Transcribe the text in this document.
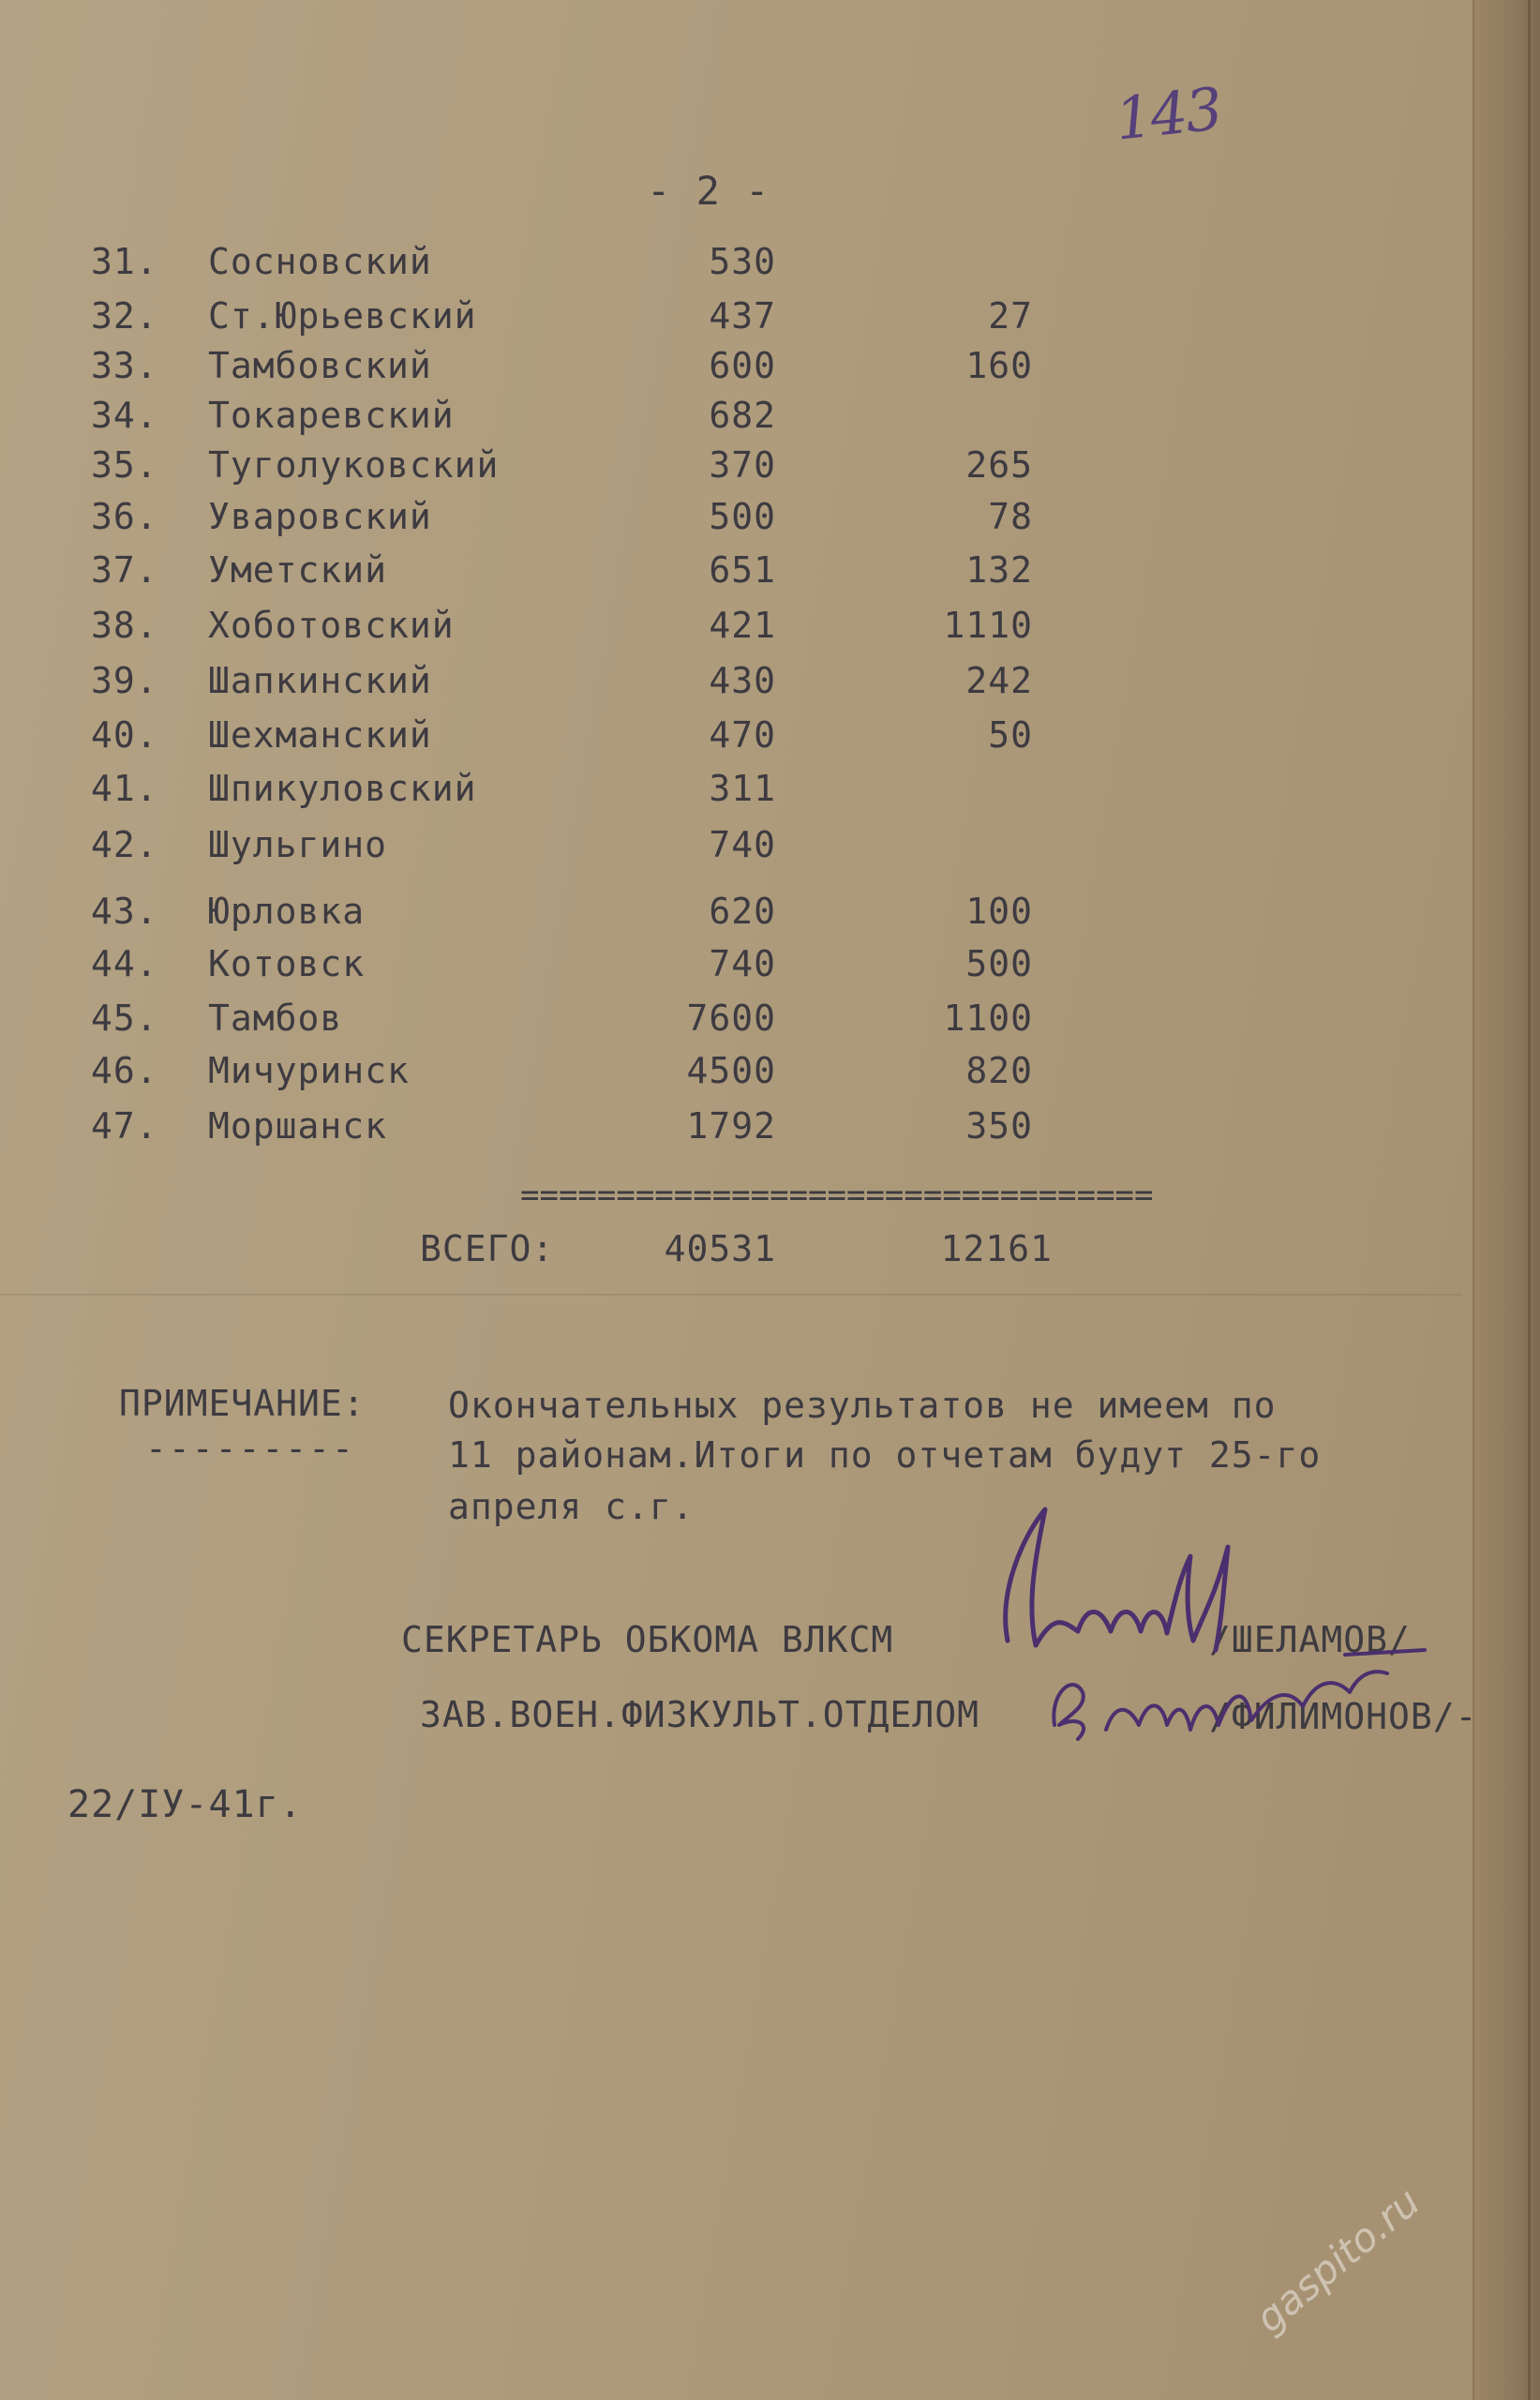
143
- 2 -
31. Сосновский	530
32. Ст.Юрьевский	437	27
33. Тамбовский	600	160
34. Токаревский	682
35. Туголуковский	370	265
36. Уваровский	500	78
37. Уметский	651	132
38. Хоботовский	421	1110
39. Шапкинский	430	242
40. Шехманский	470	50
41. Шпикуловский	311
42. Шульгино	740
43. Юрловка	620	100
44. Котовск	740	500
45. Тамбов	7600	1100
46. Мичуринск	4500	820
47. Моршанск	1792	350
=================================
ВСЕГО:	40531	12161
ПРИМЕЧАНИЕ:
---------
Окончательных результатов не имеем по
11 районам.Итоги по отчетам будут 25-го
апреля с.г.
СЕКРЕТАРЬ ОБКОМА ВЛКСМ	/ШЕЛАМОВ/
ЗАВ.ВОЕН.ФИЗКУЛЬТ.ОТДЕЛОМ	/ФИЛИМОНОВ/-
22/IУ-41г.
gaspito.ru
